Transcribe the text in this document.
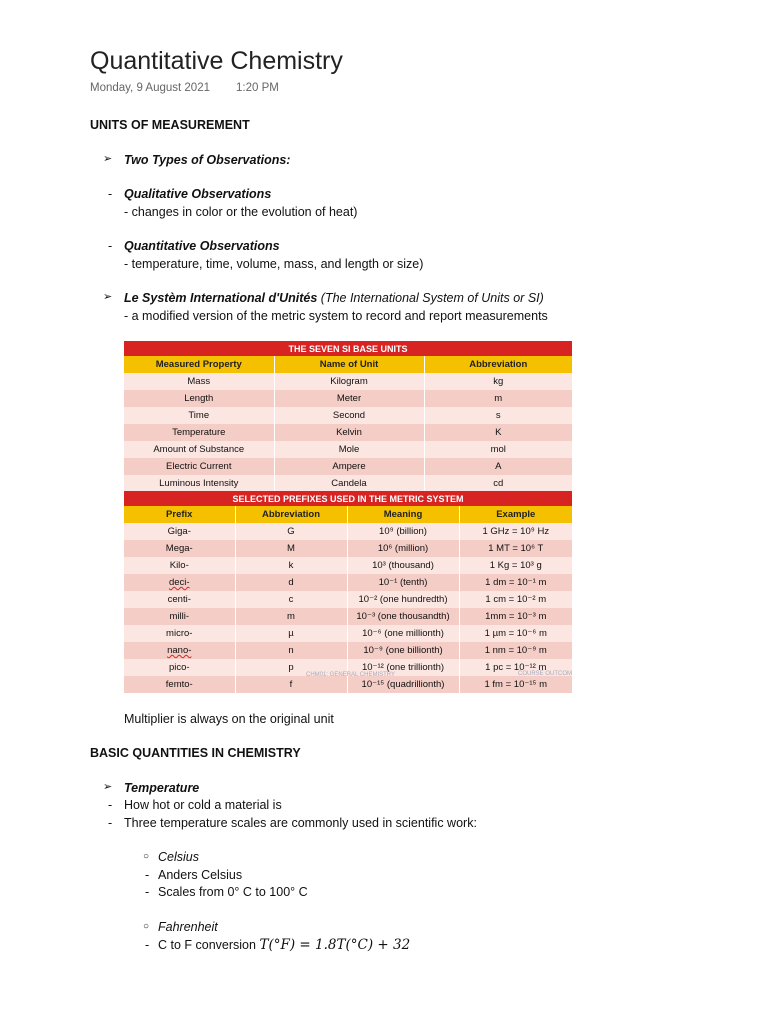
Quantitative Chemistry
Monday, 9 August 2021 1:20 PM
UNITS OF MEASUREMENT
➢ Two Types of Observations:
- Qualitative Observations
- changes in color or the evolution of heat)
- Quantitative Observations
- temperature, time, volume, mass, and length or size)
➢ Le Systèm International d'Unités (The International System of Units or SI)
- a modified version of the metric system to record and report measurements
THE SEVEN SI BASE UNITS		
Measured Property	Name of Unit	Abbreviation
Mass	Kilogram	kg
Length	Meter	m
Time	Second	s
Temperature	Kelvin	K
Amount of Substance	Mole	mol
Electric Current	Ampere	A
Luminous Intensity	Candela	cd
SELECTED PREFIXES USED IN THE METRIC SYSTEM			
Prefix	Abbreviation	Meaning	Example
Giga-	G	10⁹ (billion)	1 GHz = 10⁹ Hz
Mega-	M	10⁶ (million)	1 MT = 10⁶ T
Kilo-	k	10³ (thousand)	1 Kg = 10³ g
deci-	d	10⁻¹ (tenth)	1 dm = 10⁻¹ m
centi-	c	10⁻² (one hundredth)	1 cm = 10⁻² m
milli-	m	10⁻³ (one thousandth)	1mm = 10⁻³ m
micro-	µ	10⁻⁶ (one millionth)	1 µm = 10⁻⁶ m
nano-	n	10⁻⁹ (one billionth)	1 nm = 10⁻⁹ m
pico-	p	10⁻¹² (one trillionth)	1 pc = 10⁻¹² m
femto-	f	10⁻¹⁵ (quadrillionth)	1 fm = 10⁻¹⁵ m
CHM01: GENERAL CHEMISTRY	COURSE OUTCOM
Multiplier is always on the original unit
BASIC QUANTITIES IN CHEMISTRY
➢ Temperature
- How hot or cold a material is
- Three temperature scales are commonly used in scientific work:
○ Celsius
- Anders Celsius
- Scales from 0° C to 100° C
○ Fahrenheit
- C to F conversion T(°F) = 1.8T(°C) + 32
